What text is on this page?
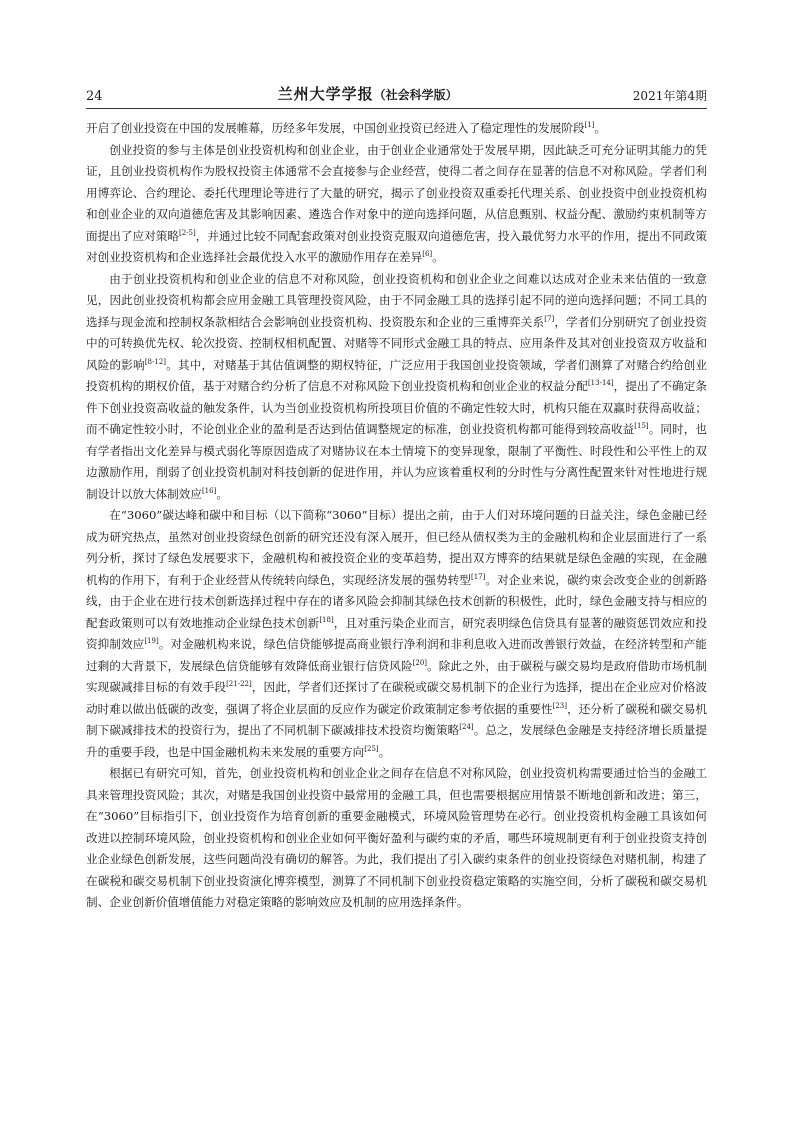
24	兰州大学学报（社会科学版）	2021年第4期

开启了创业投资在中国的发展帷幕，历经多年发展，中国创业投资已经进入了稳定理性的发展阶段[1]。

创业投资的参与主体是创业投资机构和创业企业，由于创业企业通常处于发展早期，因此缺乏可充分证明其能力的凭证，且创业投资机构作为股权投资主体通常不会直接参与企业经营，使得二者之间存在显著的信息不对称风险。学者们利用博弈论、合约理论、委托代理理论等进行了大量的研究，揭示了创业投资双重委托代理关系、创业投资中创业投资机构和创业企业的双向道德危害及其影响因素、遴选合作对象中的逆向选择问题，从信息甄别、权益分配、激励约束机制等方面提出了应对策略[2-5]，并通过比较不同配套政策对创业投资克服双向道德危害，投入最优努力水平的作用，提出不同政策对创业投资机构和企业选择社会最优投入水平的激励作用存在差异[6]。

由于创业投资机构和创业企业的信息不对称风险，创业投资机构和创业企业之间难以达成对企业未来估值的一致意见，因此创业投资机构都会应用金融工具管理投资风险，由于不同金融工具的选择引起不同的逆向选择问题；不同工具的选择与现金流和控制权条款相结合会影响创业投资机构、投资股东和企业的三重博弈关系[7]，学者们分别研究了创业投资中的可转换优先权、轮次投资、控制权相机配置、对赌等不同形式金融工具的特点、应用条件及其对创业投资双方收益和风险的影响[8-12]。其中，对赌基于其估值调整的期权特征，广泛应用于我国创业投资领域，学者们测算了对赌合约给创业投资机构的期权价值，基于对赌合约分析了信息不对称风险下创业投资机构和创业企业的权益分配[13-14]，提出了不确定条件下创业投资高收益的触发条件，认为当创业投资机构所投项目价值的不确定性较大时，机构只能在双赢时获得高收益；而不确定性较小时，不论创业企业的盈利是否达到估值调整规定的标准，创业投资机构都可能得到较高收益[15]。同时，也有学者指出文化差异与模式弱化等原因造成了对赌协议在本土情境下的变异现象，限制了平衡性、时段性和公平性上的双边激励作用，削弱了创业投资机制对科技创新的促进作用，并认为应该着重权利的分时性与分离性配置来针对性地进行规制设计以放大体制效应[16]。

在“3060”碳达峰和碳中和目标（以下简称“3060”目标）提出之前，由于人们对环境问题的日益关注，绿色金融已经成为研究热点，虽然对创业投资绿色创新的研究还没有深入展开，但已经从债权类为主的金融机构和企业层面进行了一系列分析，探讨了绿色发展要求下，金融机构和被投资企业的变革趋势，提出双方博弈的结果就是绿色金融的实现，在金融机构的作用下，有利于企业经营从传统转向绿色，实现经济发展的强势转型[17]。对企业来说，碳约束会改变企业的创新路线，由于企业在进行技术创新选择过程中存在的诸多风险会抑制其绿色技术创新的积极性，此时，绿色金融支持与相应的配套政策则可以有效地推动企业绿色技术创新[18]，且对重污染企业而言，研究表明绿色信贷具有显著的融资惩罚效应和投资抑制效应[19]。对金融机构来说，绿色信贷能够提高商业银行净利润和非利息收入进而改善银行效益，在经济转型和产能过剩的大背景下，发展绿色信贷能够有效降低商业银行信贷风险[20]。除此之外，由于碳税与碳交易均是政府借助市场机制实现碳减排目标的有效手段[21-22]，因此，学者们还探讨了在碳税或碳交易机制下的企业行为选择，提出在企业应对价格波动时难以做出低碳的改变，强调了将企业层面的反应作为碳定价政策制定参考依据的重要性[23]，还分析了碳税和碳交易机制下碳减排技术的投资行为，提出了不同机制下碳减排技术投资均衡策略[24]。总之，发展绿色金融是支持经济增长质量提升的重要手段，也是中国金融机构未来发展的重要方向[25]。

根据已有研究可知，首先，创业投资机构和创业企业之间存在信息不对称风险，创业投资机构需要通过恰当的金融工具来管理投资风险；其次，对赌是我国创业投资中最常用的金融工具，但也需要根据应用情景不断地创新和改进；第三，在“3060”目标指引下，创业投资作为培育创新的重要金融模式，环境风险管理势在必行。创业投资机构金融工具该如何改进以控制环境风险，创业投资机构和创业企业如何平衡好盈利与碳约束的矛盾，哪些环境规制更有利于创业投资支持创业企业绿色创新发展，这些问题尚没有确切的解答。为此，我们提出了引入碳约束条件的创业投资绿色对赌机制，构建了在碳税和碳交易机制下创业投资演化博弈模型，测算了不同机制下创业投资稳定策略的实施空间，分析了碳税和碳交易机制、企业创新价值增值能力对稳定策略的影响效应及机制的应用选择条件。
